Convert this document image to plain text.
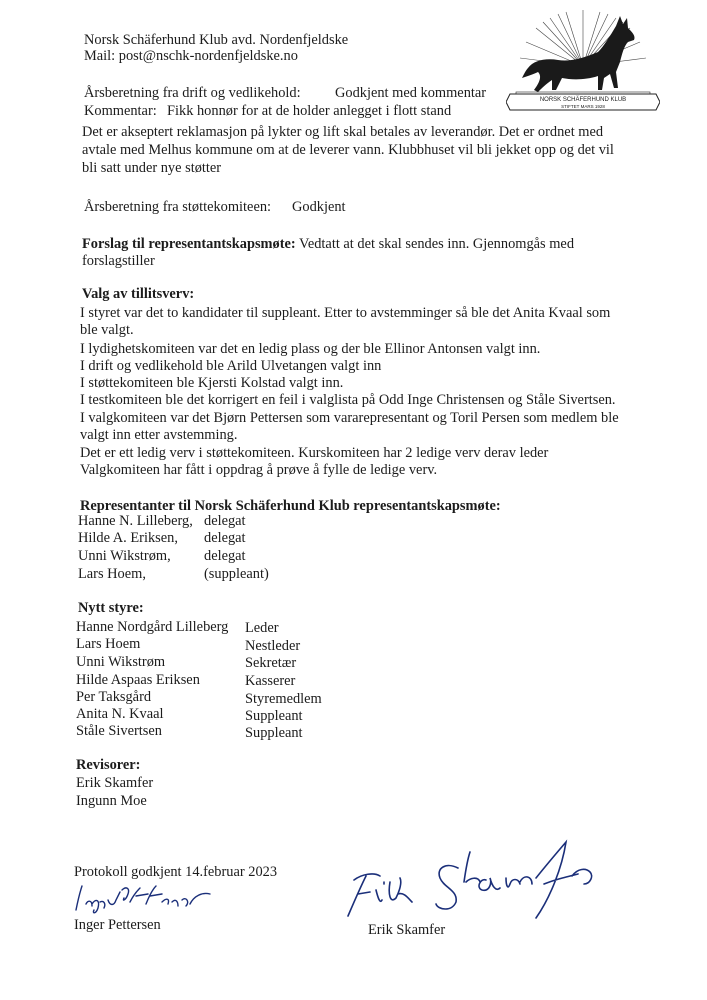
Norsk Schäferhund Klub avd. Nordenfjeldske
Mail: post@nschk-nordenfjeldske.no
NORSK SCHÄFERHUND KLUB
STIFTET MARS 1928
Årsberetning fra drift og vedlikehold: Godkjent med kommentar
Kommentar: Fikk honnør for at de holder anlegget i flott stand
Det er akseptert reklamasjon på lykter og lift skal betales av leverandør. Det er ordnet med
avtale med Melhus kommune om at de leverer vann. Klubbhuset vil bli jekket opp og det vil
bli satt under nye støtter
Årsberetning fra støttekomiteen: Godkjent
Forslag til representantskapsmøte: Vedtatt at det skal sendes inn. Gjennomgås med
forslagstiller
Valg av tillitsverv:
I styret var det to kandidater til suppleant. Etter to avstemminger så ble det Anita Kvaal som
ble valgt.
I lydighetskomiteen var det en ledig plass og der ble Ellinor Antonsen valgt inn.
I drift og vedlikehold ble Arild Ulvetangen valgt inn
I støttekomiteen ble Kjersti Kolstad valgt inn.
I testkomiteen ble det korrigert en feil i valglista på Odd Inge Christensen og Ståle Sivertsen.
I valgkomiteen var det Bjørn Pettersen som vararepresentant og Toril Persen som medlem ble
valgt inn etter avstemming.
Det er ett ledig verv i støttekomiteen. Kurskomiteen har 2 ledige verv derav leder
Valgkomiteen har fått i oppdrag å prøve å fylle de ledige verv.
Representanter til Norsk Schäferhund Klub representantskapsmøte:
Hanne N. Lilleberg, delegat
Hilde A. Eriksen, delegat
Unni Wikstrøm, delegat
Lars Hoem,	(suppleant)
Nytt styre:
Hanne Nordgård Lilleberg Leder
Lars Hoem	Nestleder
Unni Wikstrøm	Sekretær
Hilde Aspaas Eriksen	Kasserer
Per Taksgård	Styremedlem
Anita N. Kvaal	Suppleant
Ståle Sivertsen	Suppleant
Revisorer:
Erik Skamfer
Ingunn Moe
Protokoll godkjent 14.februar 2023
Inger Pettersen	Erik Skamfer
